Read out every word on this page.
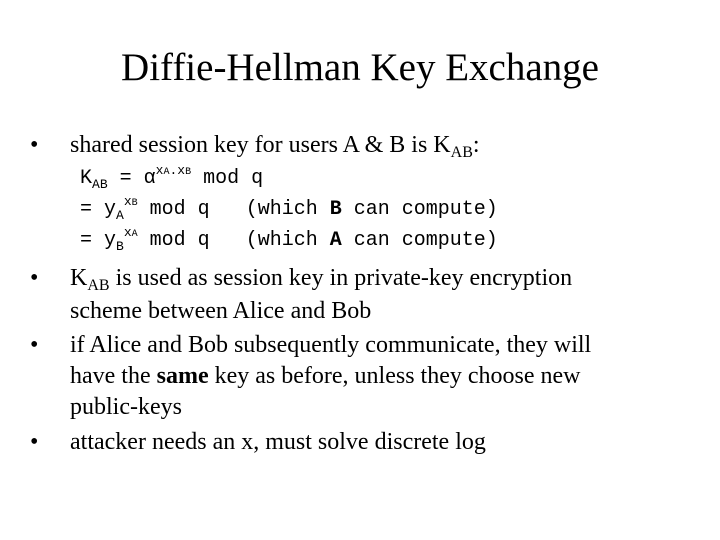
Diffie-Hellman Key Exchange
•	shared session key for users A & B is $K_{AB}$:
$K_{AB} = \alpha^{xA.xB}$ mod q
= $y_A^{xB}$ mod q   (which B can compute)
= $y_B^{xA}$ mod q   (which A can compute)
•	$K_{AB}$ is used as session key in private-key encryption
scheme between Alice and Bob
•	if Alice and Bob subsequently communicate, they will
have the same key as before, unless they choose new
public-keys
•	attacker needs an x, must solve discrete log
